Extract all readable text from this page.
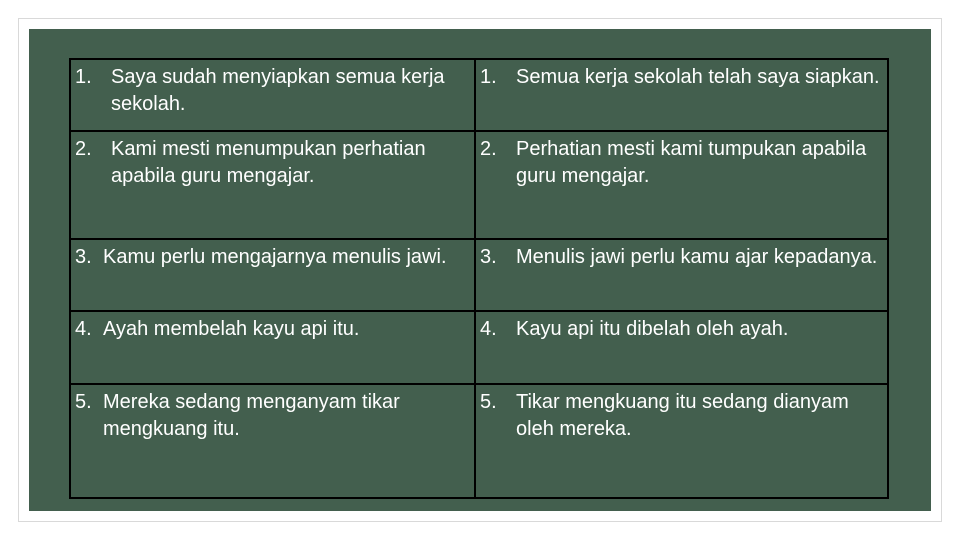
1. Saya sudah menyiapkan semua kerja sekolah.	1. Semua kerja sekolah telah saya siapkan.

2. Kami mesti menumpukan perhatian apabila guru mengajar.	2. Perhatian mesti kami tumpukan apabila guru mengajar.

3. Kamu perlu mengajarnya menulis jawi.	3. Menulis jawi perlu kamu ajar kepadanya.

4. Ayah membelah kayu api itu.	4. Kayu api itu dibelah oleh ayah.

5. Mereka sedang menganyam tikar mengkuang itu.	5. Tikar mengkuang itu sedang dianyam oleh mereka.
